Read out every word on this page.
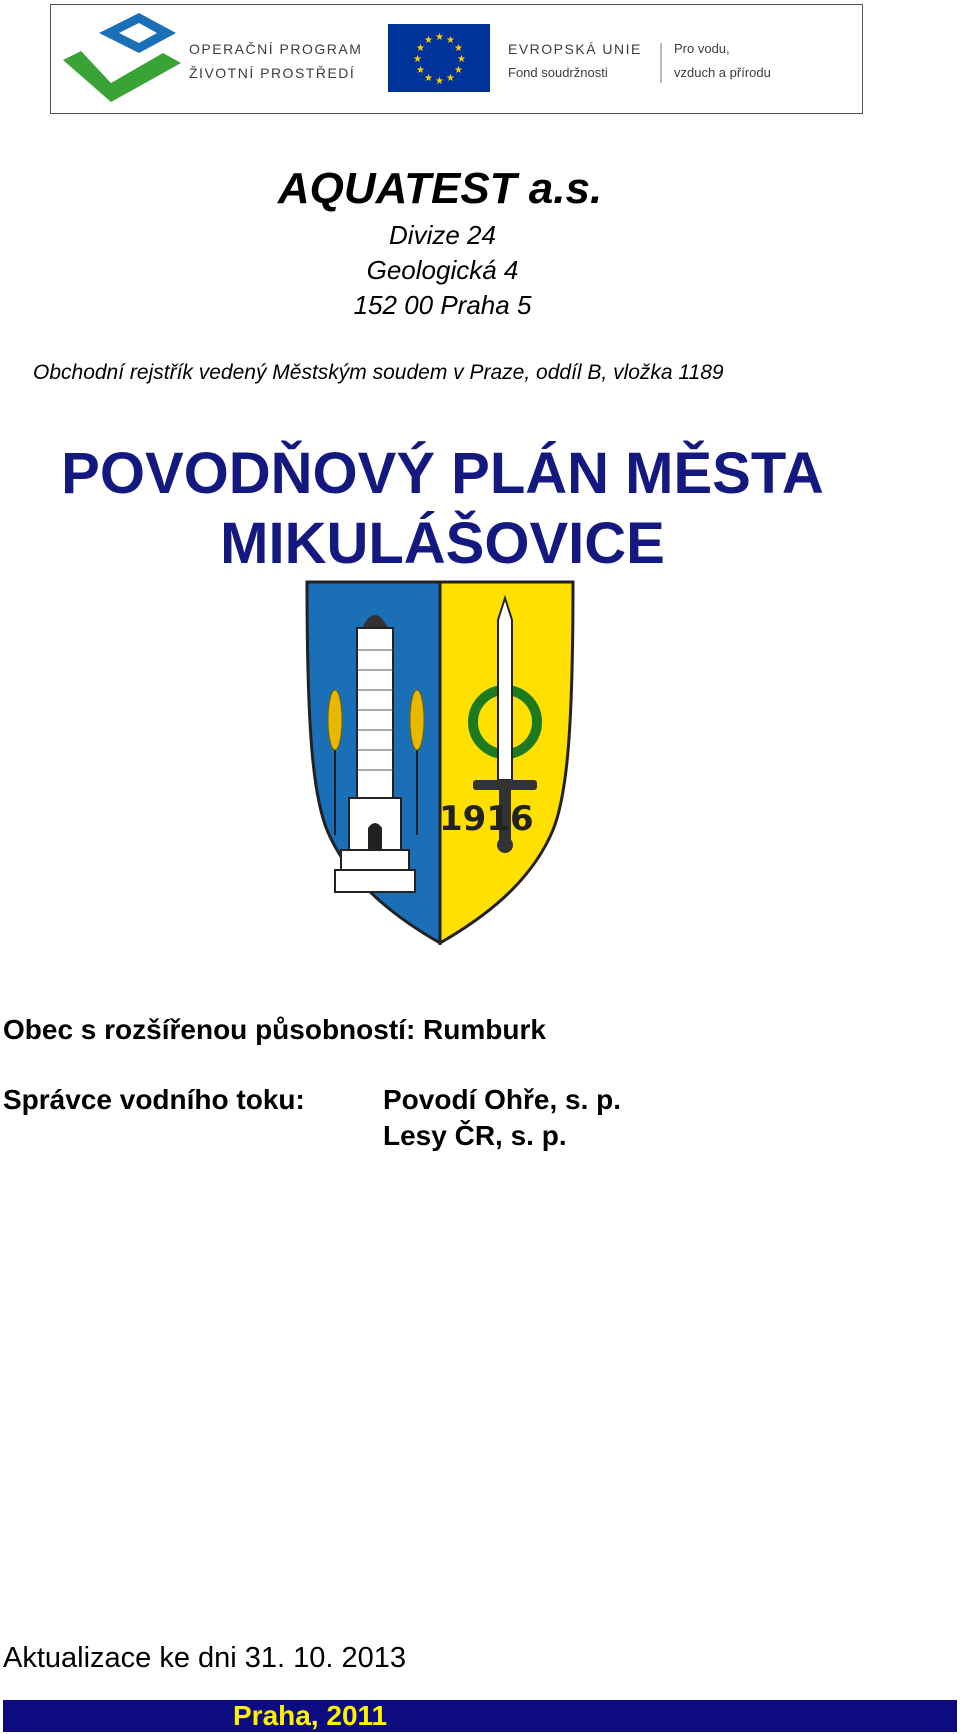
★ ★
★
★
★
★
★
★
★
★
★
★
OPERAČNÍ PROGRAM
ŽIVOTNÍ PROSTŘEDÍ
EVROPSKÁ UNIE
Fond soudržnosti
Pro vodu,
vzduch a přírodu
AQUATEST a.s.
Divize 24
Geologická 4
152 00 Praha 5
Obchodní rejstřík vedený Městským soudem v Praze, oddíl B, vložka 1189
POVODŇOVÝ PLÁN MĚSTA
MIKULÁŠOVICE
1916
Obec s rozšířenou působností: Rumburk
Správce vodního toku:	Povodí Ohře, s. p.
Lesy ČR, s. p.
Aktualizace ke dni 31. 10. 2013
Praha, 2011
